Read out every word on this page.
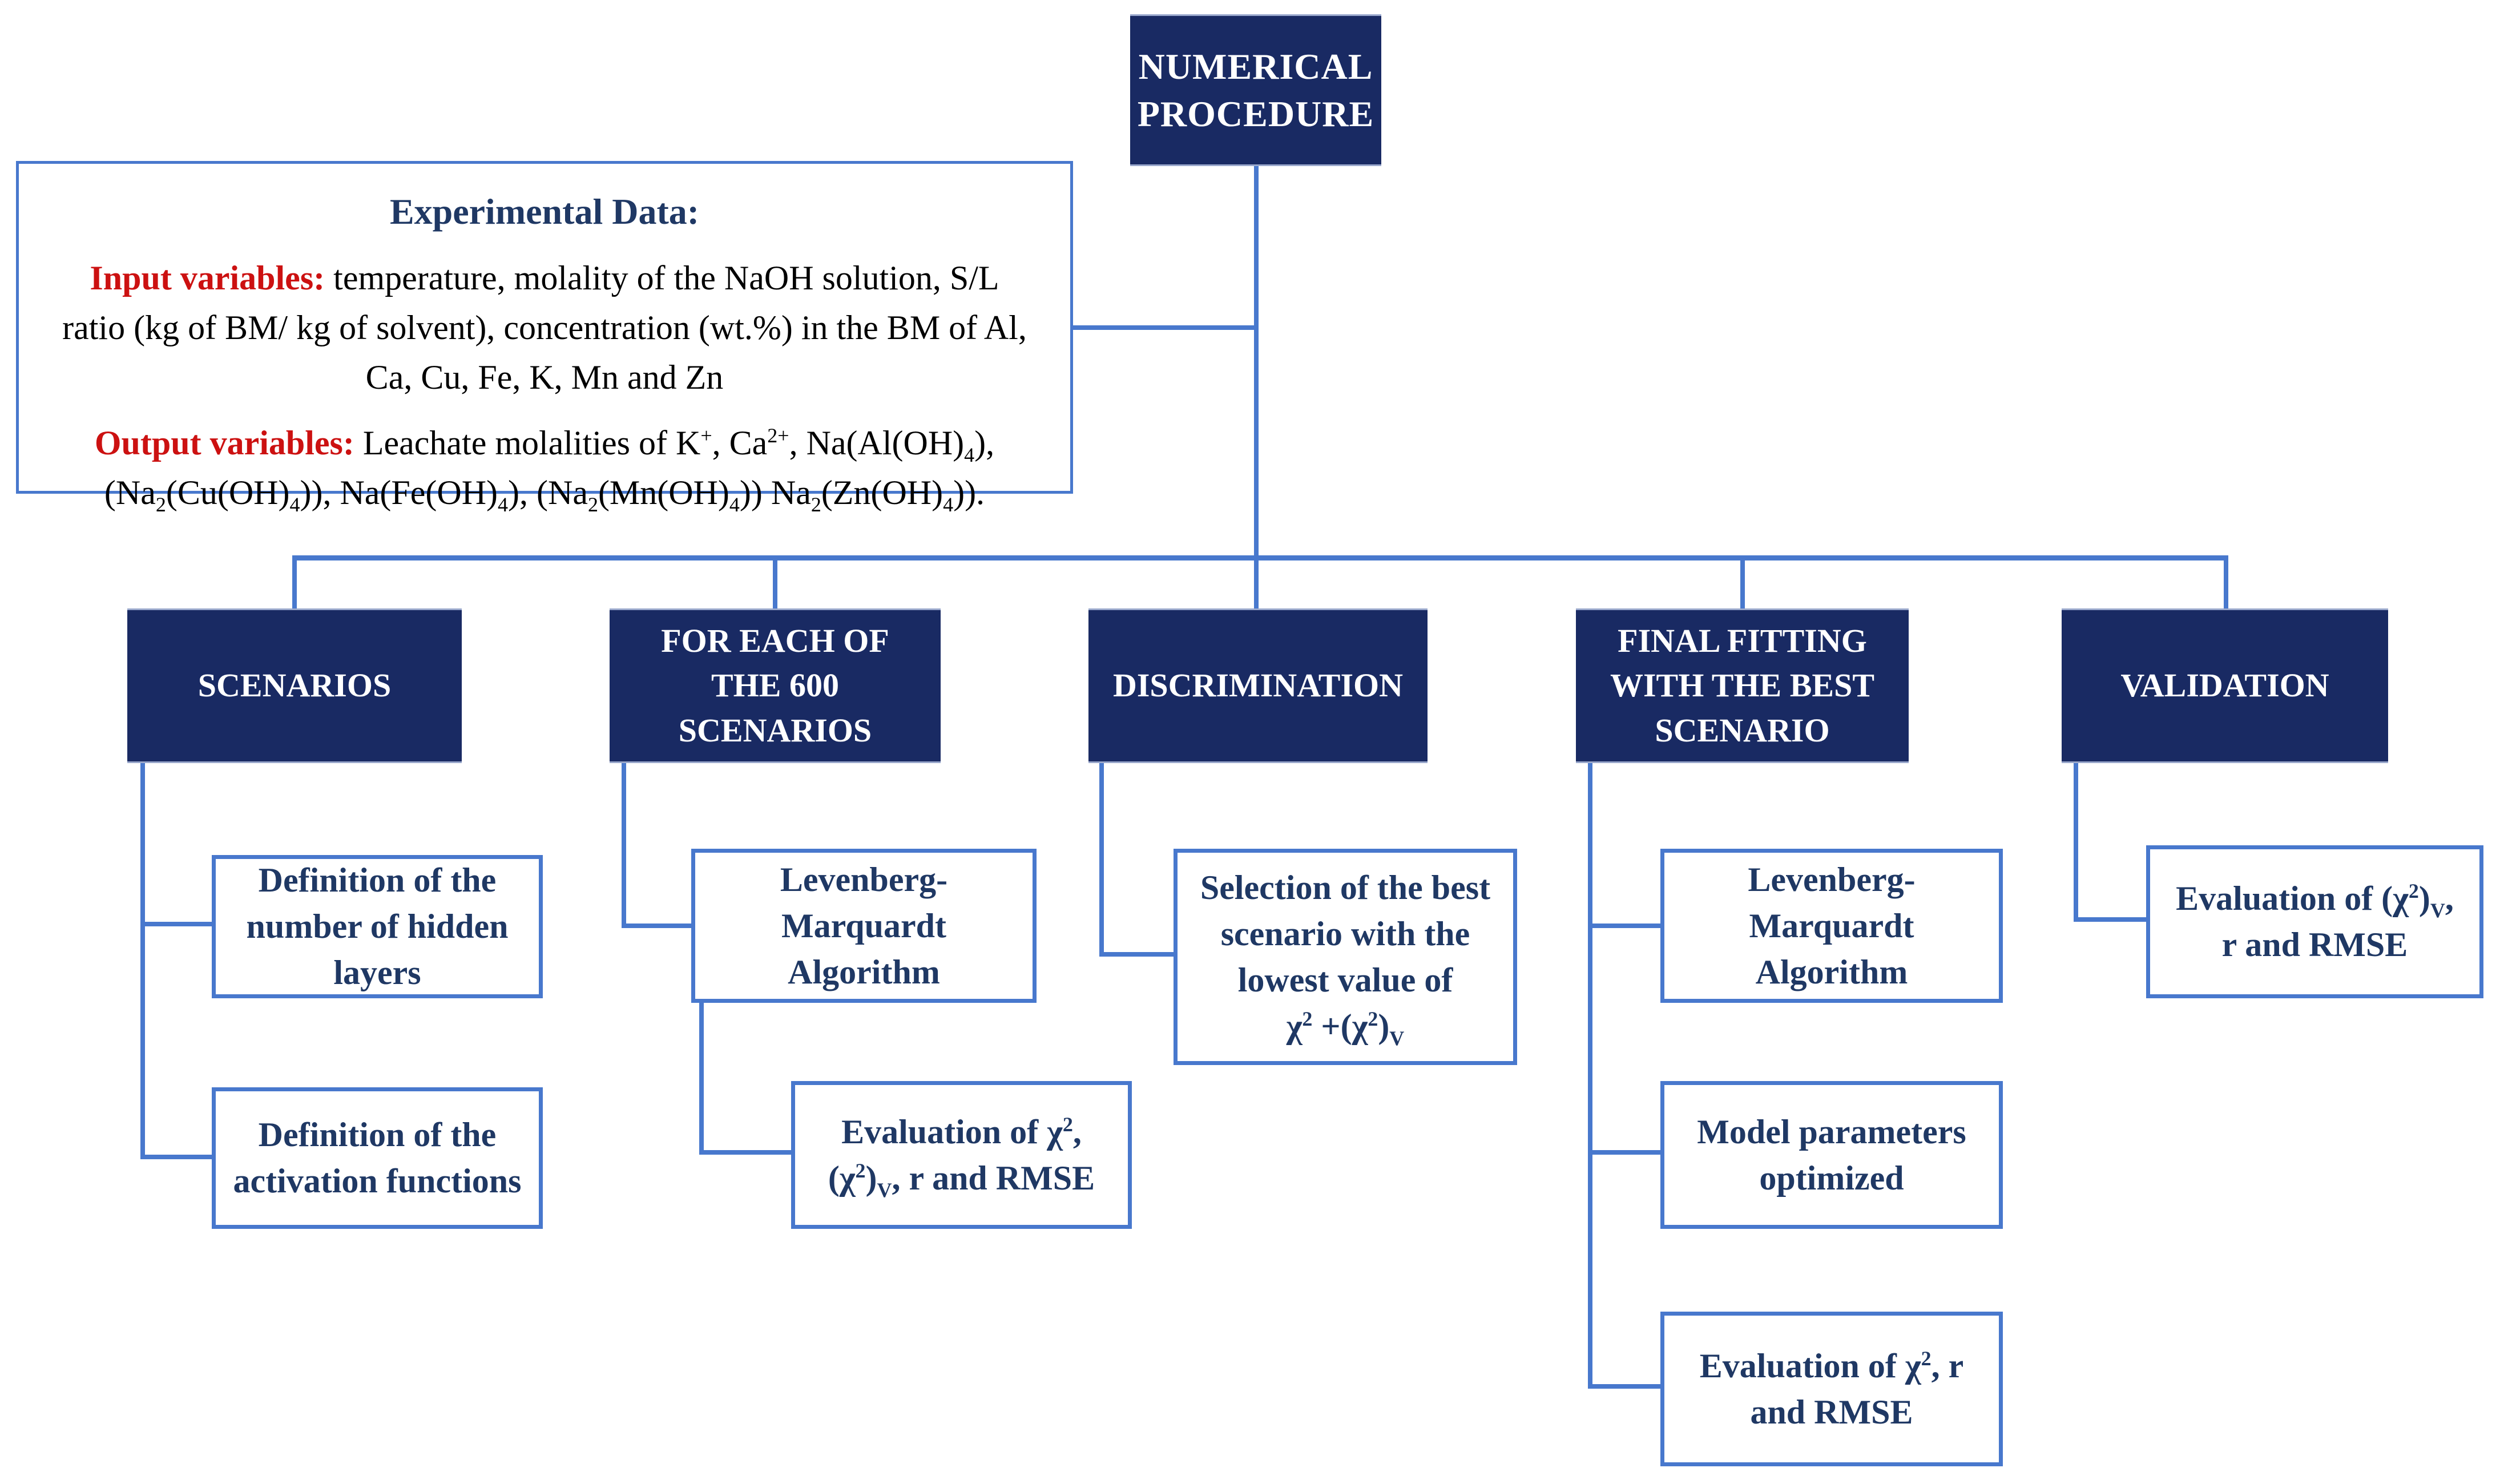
NUMERICAL
PROCEDURE

Experimental Data:

Input variables: temperature, molality of the NaOH solution, S/L
ratio (kg of BM/ kg of solvent), concentration (wt.%) in the BM of Al,
Ca, Cu, Fe, K, Mn and Zn

Output variables: Leachate molalities of K+, $Ca^{2+}$, $Na(Al(OH)_4)$,
$(Na_2(Cu(OH)_4))$, $Na(Fe(OH)_4)$, $(Na_2(Mn(OH)_4))$ $Na_2(Zn(OH)_4)$).

SCENARIOS
FOR EACH OF
THE 600
SCENARIOS
DISCRIMINATION
FINAL FITTING
WITH THE BEST
SCENARIO
VALIDATION
Definition of the
number of hidden
layers
Definition of the
activation functions
Levenberg-
Marquardt
Algorithm
Evaluation of $\chi^2$,
$(\chi^2)_V$, r and RMSE
Selection of the best
scenario with the
lowest value of
$\chi^2 +(\chi^2)_V$
Levenberg-
Marquardt
Algorithm
Model parameters
optimized
Evaluation of $\chi^2$, r
and RMSE
Evaluation of $(\chi^2)_V$,
r and RMSE
